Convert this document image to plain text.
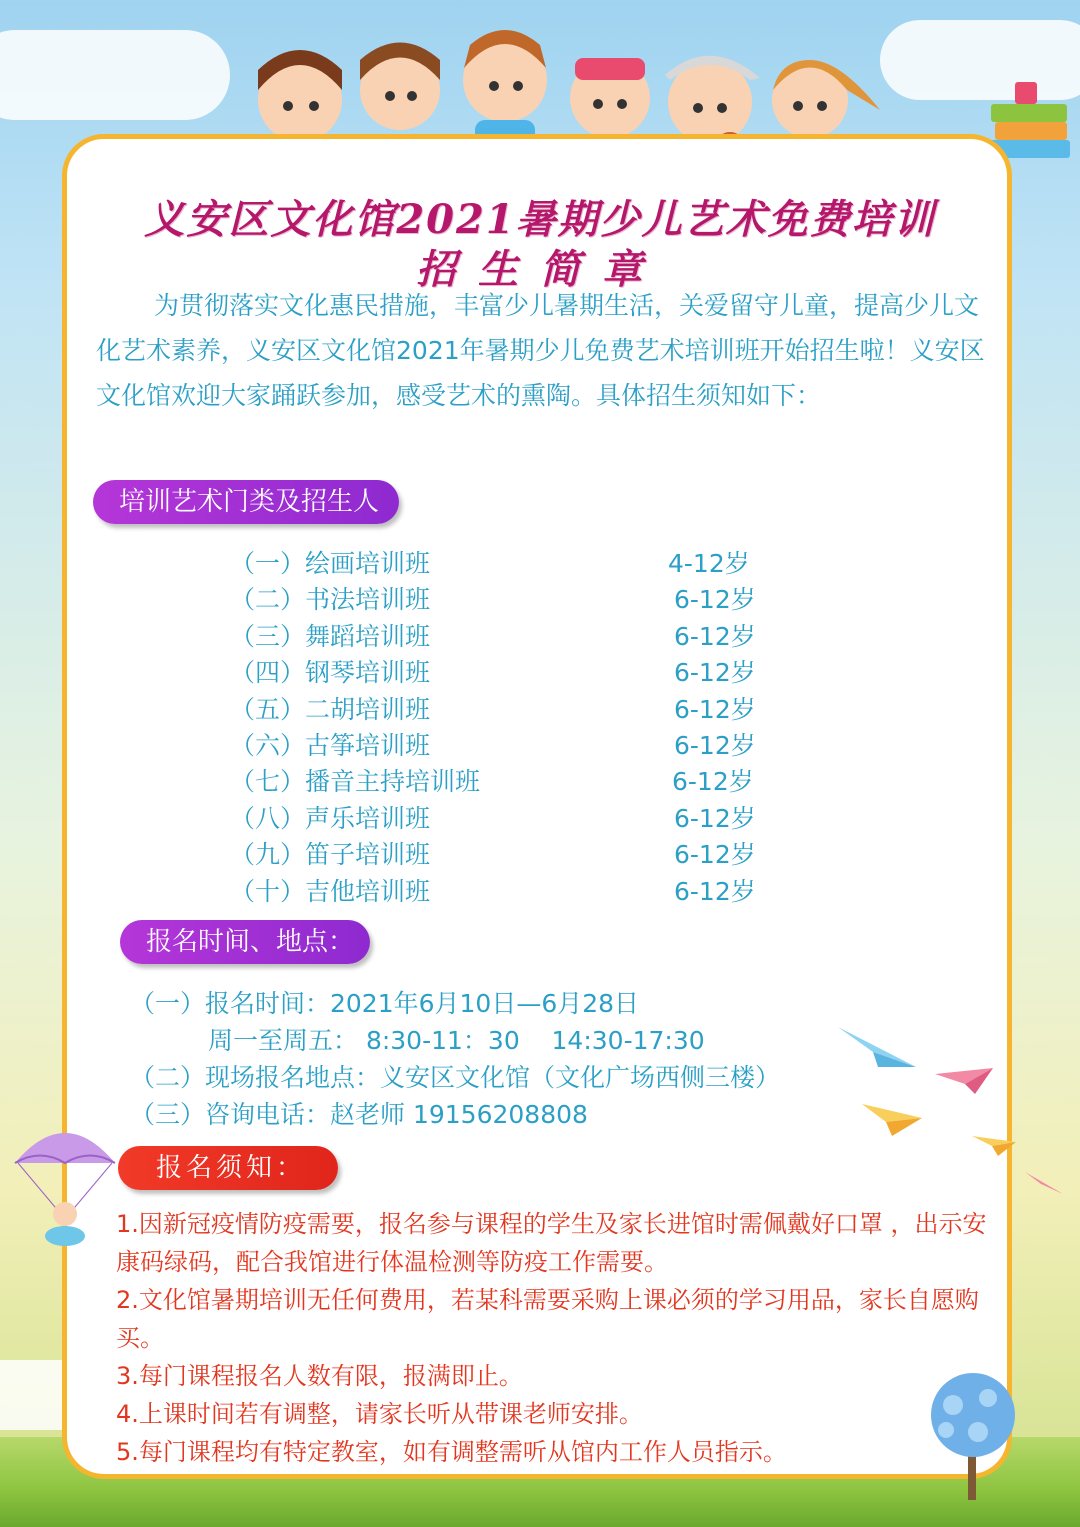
义安区文化馆2021暑期少儿艺术免费培训
招生简章
为贯彻落实文化惠民措施，丰富少儿暑期生活，关爱留守儿童，提高少儿文化艺术素养，义安区文化馆2021年暑期少儿免费艺术培训班开始招生啦！义安区文化馆欢迎大家踊跃参加，感受艺术的熏陶。具体招生须知如下：
培训艺术门类及招生人数
（一）绘画培训班	4-12岁
（二）书法培训班	6-12岁
（三）舞蹈培训班	6-12岁
（四）钢琴培训班	6-12岁
（五）二胡培训班	6-12岁
（六）古筝培训班	6-12岁
（七）播音主持培训班	6-12岁
（八）声乐培训班	6-12岁
（九）笛子培训班	6-12岁
（十）吉他培训班	6-12岁
报名时间、地点：
（一）报名时间：2021年6月10日—6月28日
周一至周五： 8:30-11：30    14:30-17:30
（二）现场报名地点：义安区文化馆（文化广场西侧三楼）
（三）咨询电话：赵老师 19156208808
报名须知：
1.因新冠疫情防疫需要，报名参与课程的学生及家长进馆时需佩戴好口罩 ，出示安康码绿码，配合我馆进行体温检测等防疫工作需要。
2.文化馆暑期培训无任何费用，若某科需要采购上课必须的学习用品，家长自愿购买。
3.每门课程报名人数有限，报满即止。
4.上课时间若有调整，请家长听从带课老师安排。
5.每门课程均有特定教室，如有调整需听从馆内工作人员指示。
